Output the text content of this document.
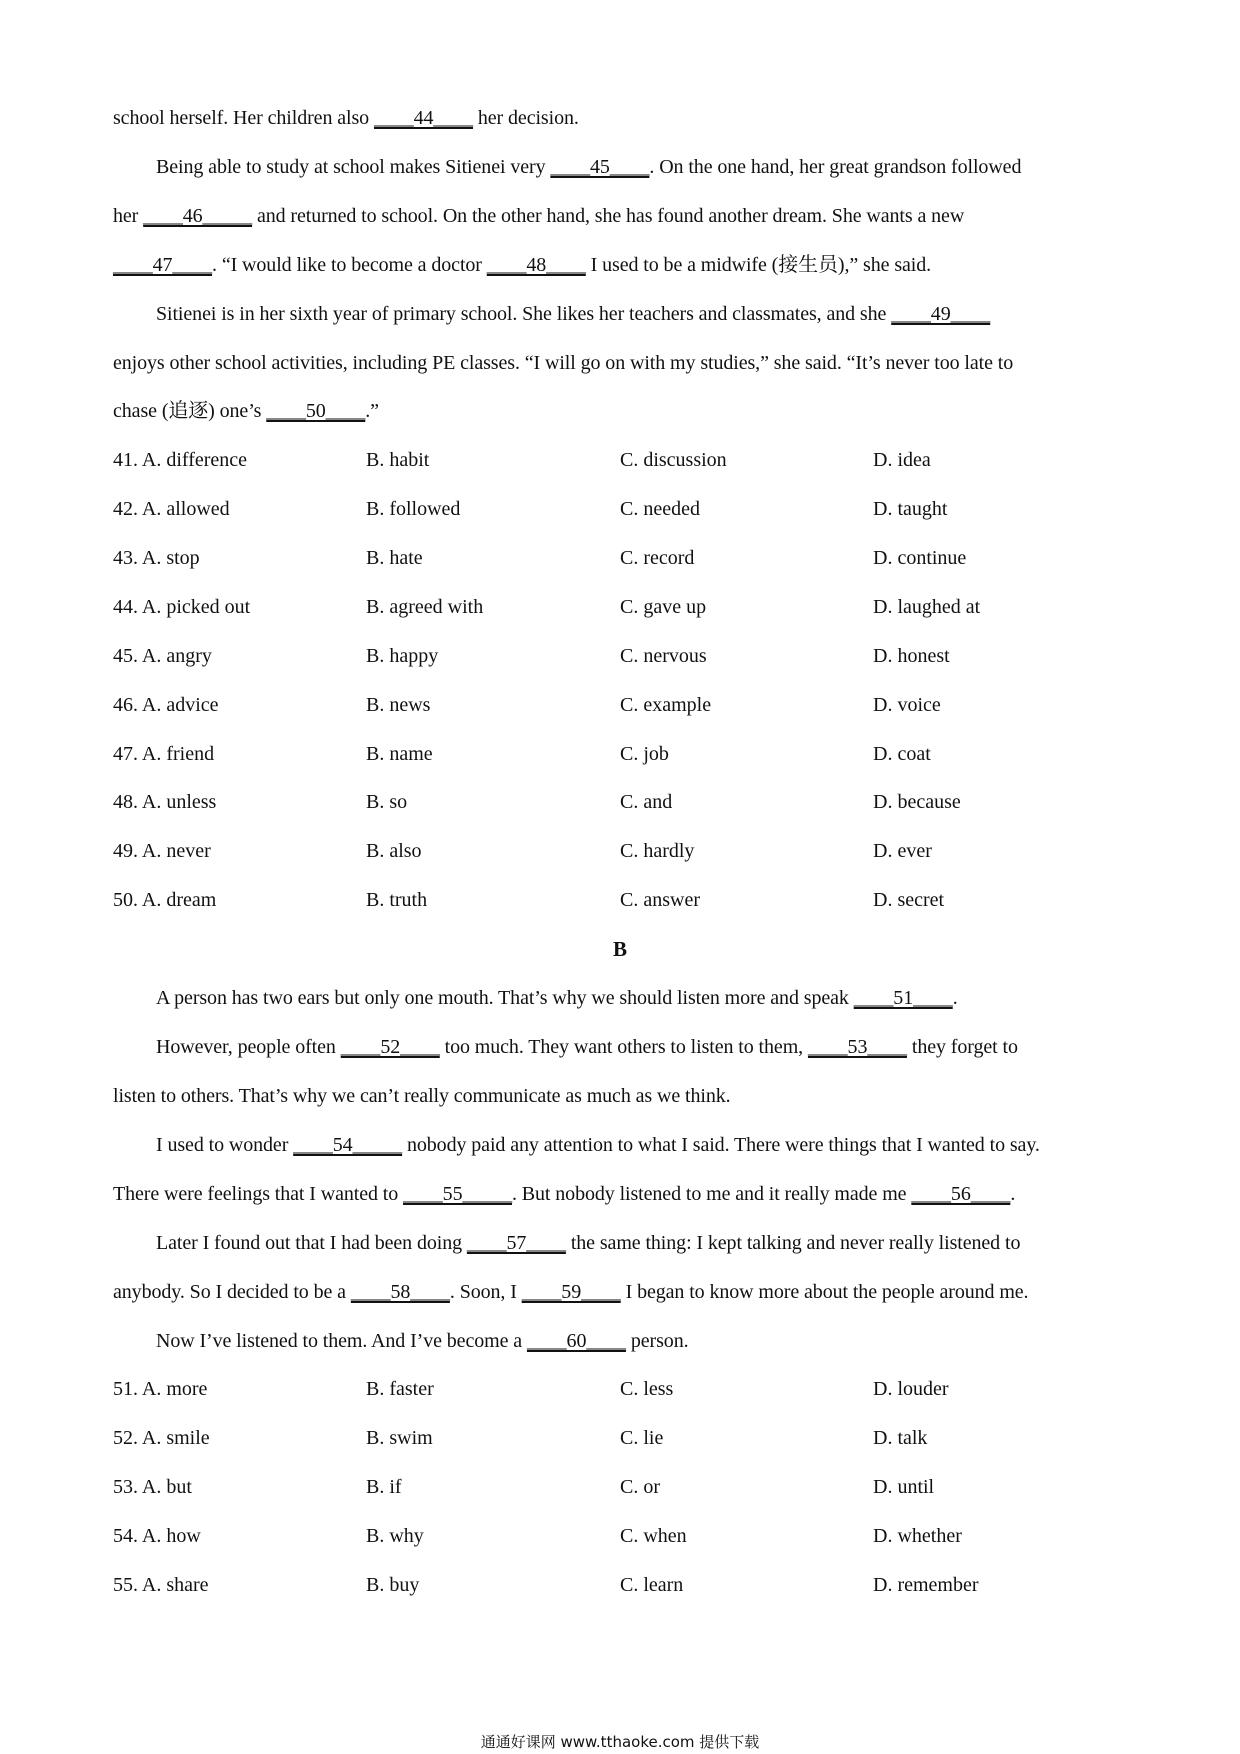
school herself. Her children also ____44____ her decision.
Being able to study at school makes Sitienei very ____45____. On the one hand, her great grandson followed
her ____46_____ and returned to school. On the other hand, she has found another dream. She wants a new
____47____. “I would like to become a doctor ____48____ I used to be a midwife (接生员),” she said.
Sitienei is in her sixth year of primary school. She likes her teachers and classmates, and she ____49____
enjoys other school activities, including PE classes. “I will go on with my studies,” she said. “It’s never too late to
chase (追逐) one’s ____50____.”
41. A. difference	B. habit	C. discussion	D. idea
42. A. allowed	B. followed	C. needed	D. taught
43. A. stop	B. hate	C. record	D. continue
44. A. picked out	B. agreed with	C. gave up	D. laughed at
45. A. angry	B. happy	C. nervous	D. honest
46. A. advice	B. news	C. example	D. voice
47. A. friend	B. name	C. job	D. coat
48. A. unless	B. so	C. and	D. because
49. A. never	B. also	C. hardly	D. ever
50. A. dream	B. truth	C. answer	D. secret
B
A person has two ears but only one mouth. That’s why we should listen more and speak ____51____.
However, people often ____52____ too much. They want others to listen to them, ____53____ they forget to
listen to others. That’s why we can’t really communicate as much as we think.
I used to wonder ____54_____ nobody paid any attention to what I said. There were things that I wanted to say.
There were feelings that I wanted to ____55_____. But nobody listened to me and it really made me ____56____.
Later I found out that I had been doing ____57____ the same thing: I kept talking and never really listened to
anybody. So I decided to be a ____58____. Soon, I ____59____ I began to know more about the people around me.
Now I’ve listened to them. And I’ve become a ____60____ person.
51. A. more	B. faster	C. less	D. louder
52. A. smile	B. swim	C. lie	D. talk
53. A. but	B. if	C. or	D. until
54. A. how	B. why	C. when	D. whether
55. A. share	B. buy	C. learn	D. remember
通通好课网 www.tthaoke.com 提供下载
